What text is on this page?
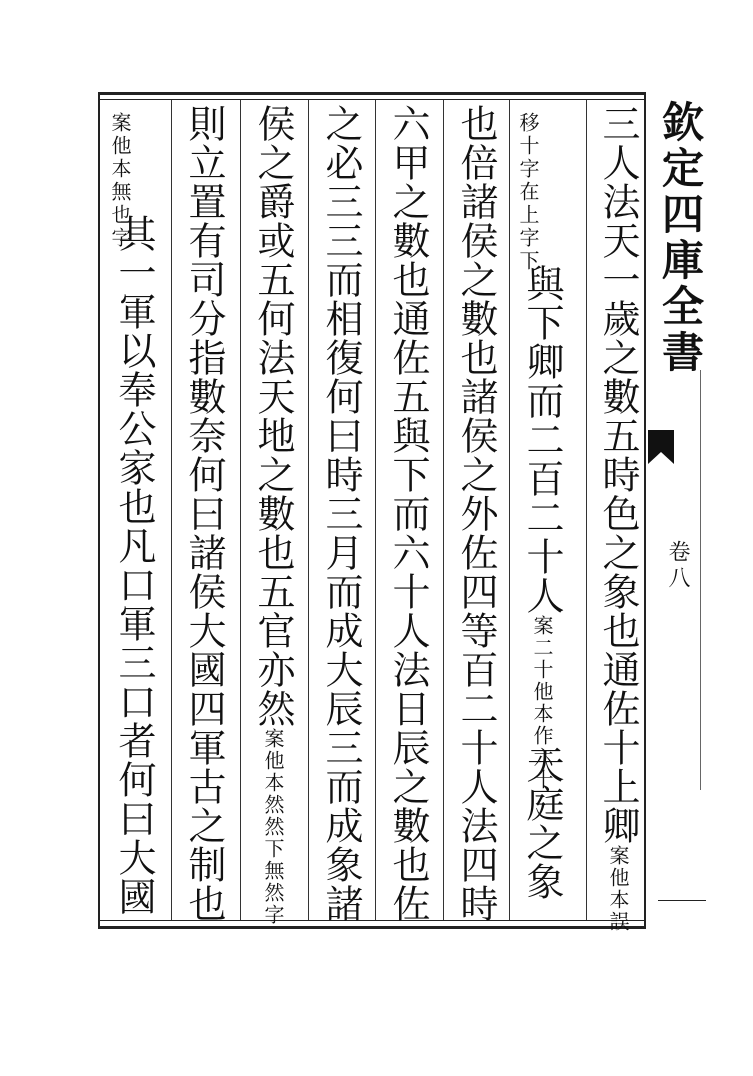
三人法天一歲之數五時色之象也通佐十上卿案他本誤
移十字在上字下
與下卿而二百二十人案二十他本作六十天庭之象
也倍諸侯之數也諸侯之外佐四等百二十人法四時
六甲之數也通佐五與下而六十人法日辰之數也佐
之必三三而相復何曰時三月而成大辰三而成象諸
侯之爵或五何法天地之數也五官亦然案他本然然下無然字
則立置有司分指數奈何曰諸侯大國四軍古之制也
案他本無也字
其一軍以奉公家也凡口軍三口者何曰大國	欽定四庫全書
卷八
